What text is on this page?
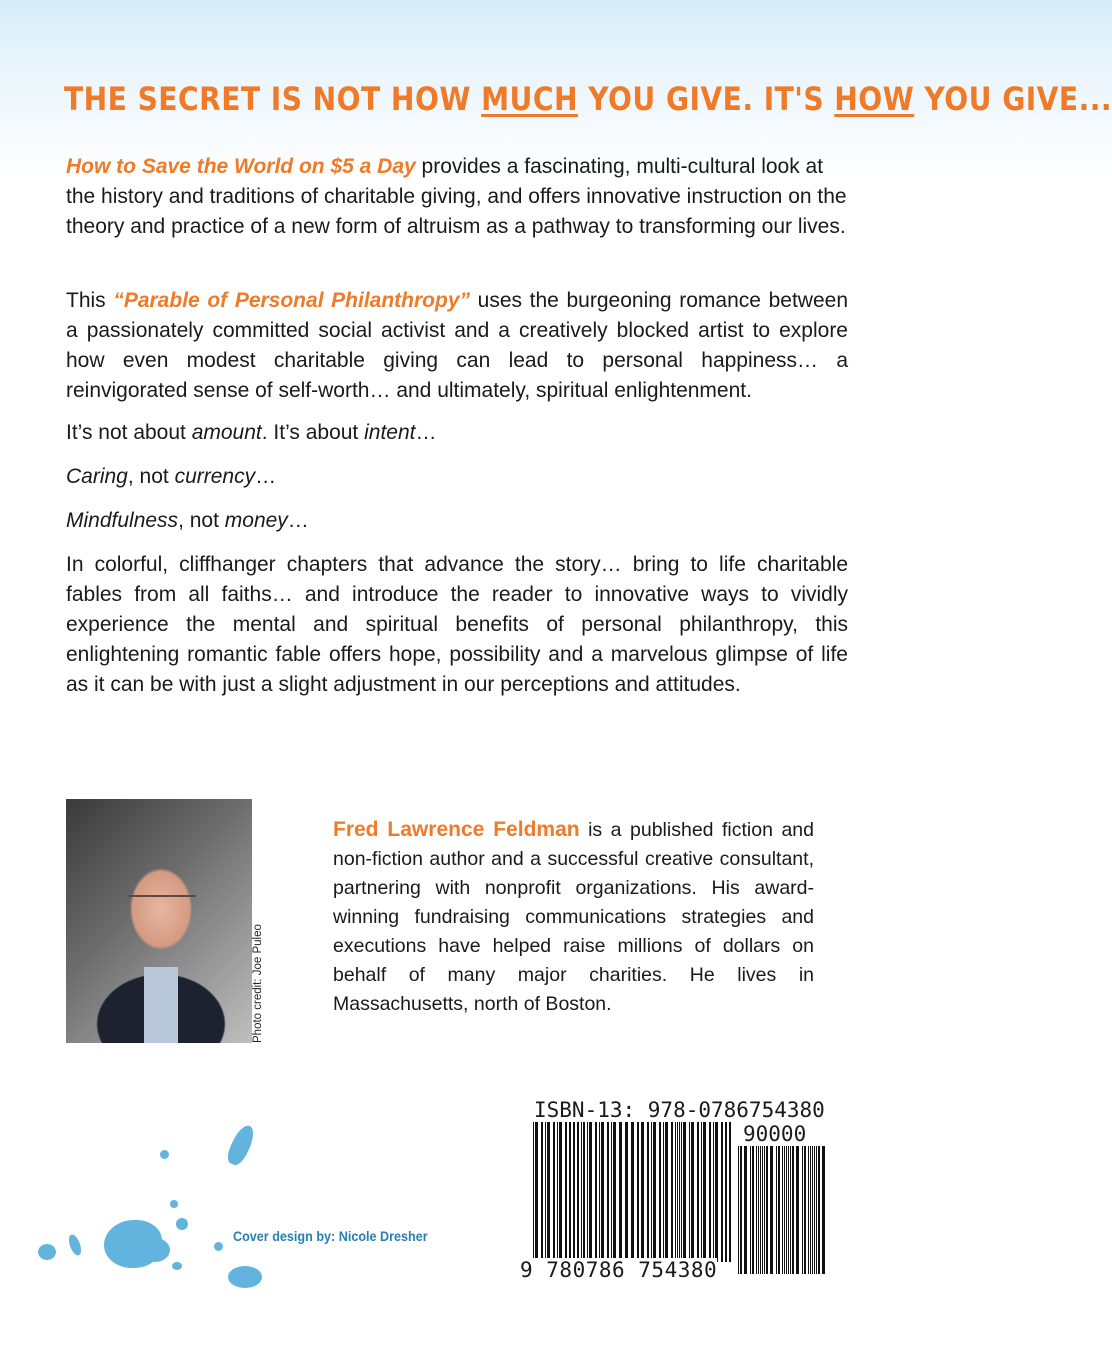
THE SECRET IS NOT HOW MUCH YOU GIVE. IT'S HOW YOU GIVE...

How to Save the World on $5 a Day provides a fascinating, multi-cultural look at the history and traditions of charitable giving, and offers innovative instruction on the theory and practice of a new form of altruism as a pathway to transforming our lives.

This “Parable of Personal Philanthropy” uses the burgeoning romance between a passionately committed social activist and a creatively blocked artist to explore how even modest charitable giving can lead to personal happiness… a reinvigorated sense of self-worth… and ultimately, spiritual enlightenment.

It’s not about amount. It’s about intent…

Caring, not currency…

Mindfulness, not money…

In colorful, cliffhanger chapters that advance the story… bring to life charitable fables from all faiths… and introduce the reader to innovative ways to vividly experience the mental and spiritual benefits of personal philanthropy, this enlightening romantic fable offers hope, possibility and a marvelous glimpse of life as it can be with just a slight adjustment in our perceptions and attitudes.

Photo credit: Joe Puleo

Fred Lawrence Feldman is a published fiction and non-fiction author and a successful creative consultant, partnering with nonprofit organizations. His award-winning fundraising communications strategies and executions have helped raise millions of dollars on behalf of many major charities. He lives in Massachusetts, north of Boston.

Cover design by: Nicole Dresher
ISBN-13: 978-0786754380
90000
9 780786 754380
